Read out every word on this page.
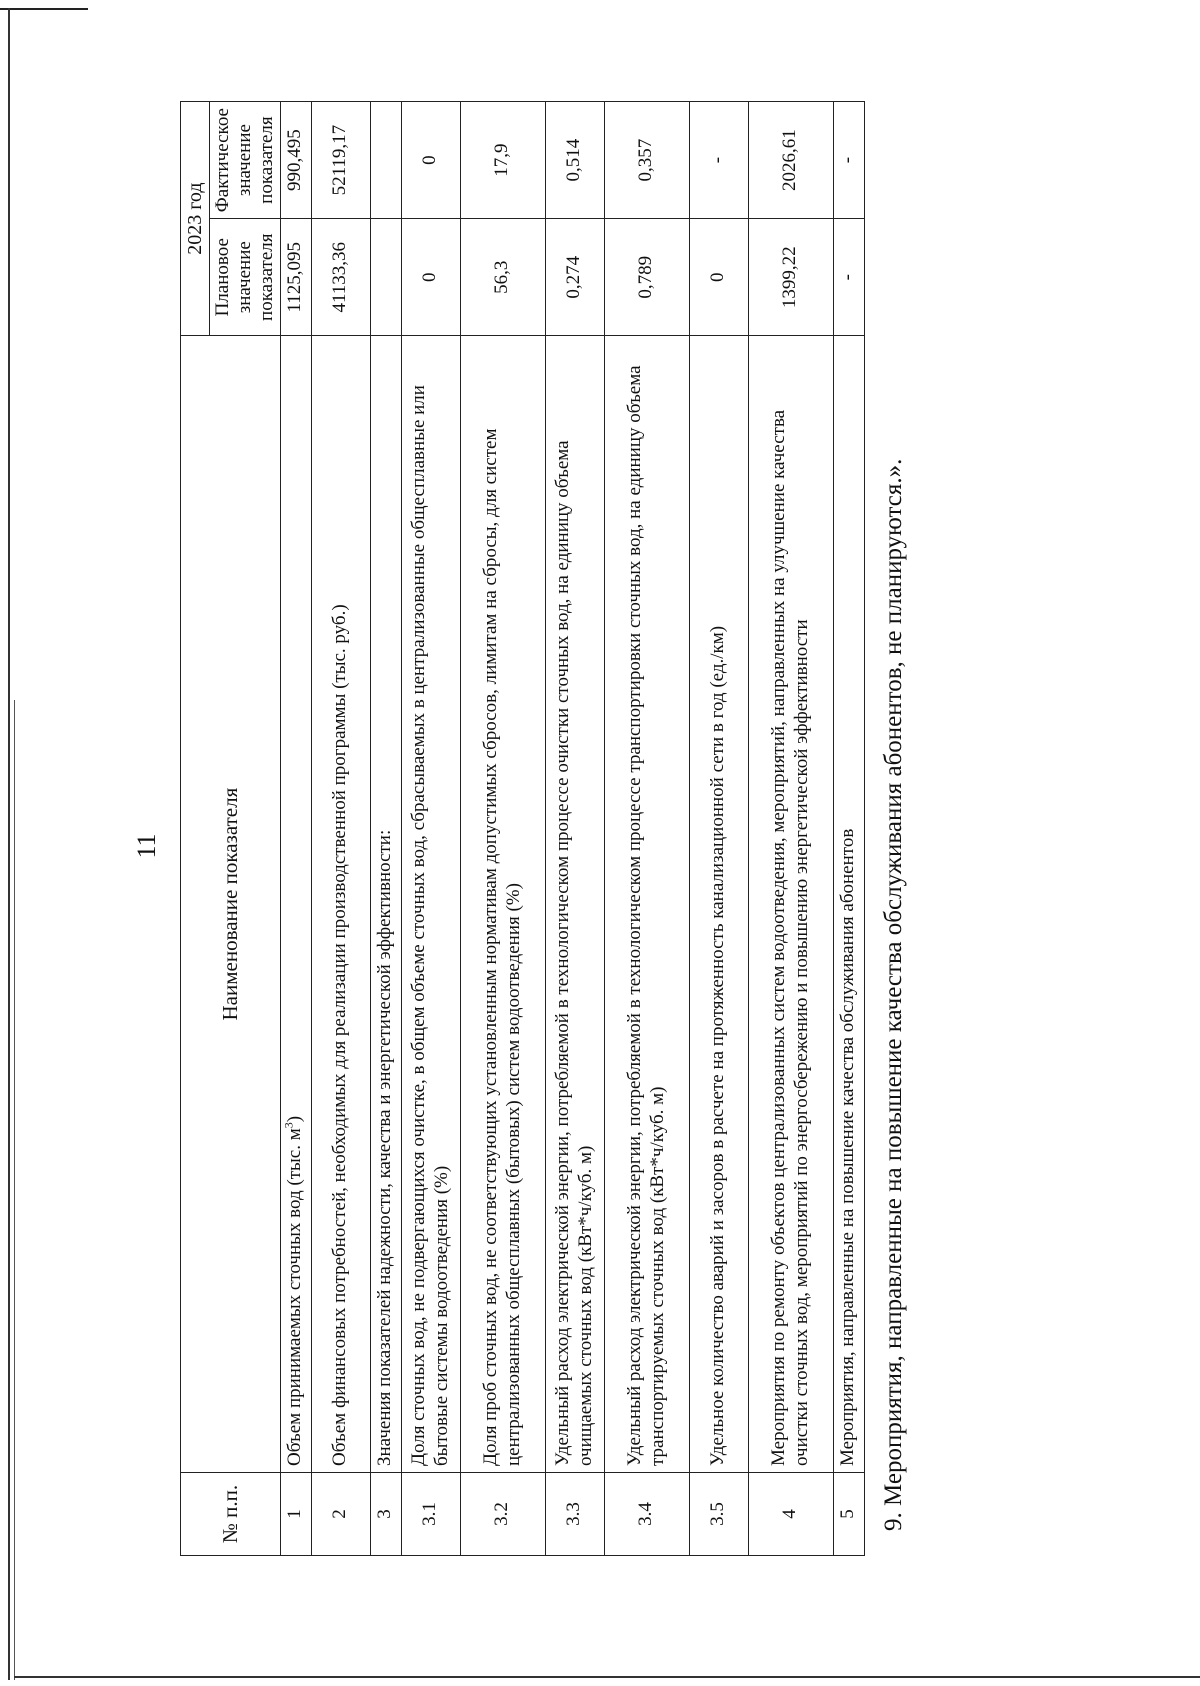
11
№ п.п.	Наименование показателя	2023 год	
		Плановое значение показателя	Фактическое значение показателя
1	Объем принимаемых сточных вод (тыс. $м^3$)	1125,095	990,495
2	Объем финансовых потребностей, необходимых для реализации производственной программы (тыс. руб.)	41133,36	52119,17
3	Значения показателей надежности, качества и энергетической эффективности:		
3.1	Доля сточных вод, не подвергающихся очистке, в общем объеме сточных вод, сбрасываемых в централизованные общесплавные или бытовые системы водоотведения (%)	0	0
3.2	Доля проб сточных вод, не соответствующих установленным нормативам допустимых сбросов, лимитам на сбросы, для систем централизованных общесплавных (бытовых) систем водоотведения (%)	56,3	17,9
3.3	Удельный расход электрической энергии, потребляемой в технологическом процессе очистки сточных вод, на единицу объема очищаемых сточных вод (кВт*ч/куб. м)	0,274	0,514
3.4	Удельный расход электрической энергии, потребляемой в технологическом процессе транспортировки сточных вод, на единицу объема транспортируемых сточных вод (кВт*ч/куб. м)	0,789	0,357
3.5	Удельное количество аварий и засоров в расчете на протяженность канализационной сети в год (ед./км)	0	-
4	Мероприятия по ремонту объектов централизованных систем водоотведения, мероприятий, направленных на улучшение качества очистки сточных вод, мероприятий по энергосбережению и повышению энергетической эффективности	1399,22	2026,61
5	Мероприятия, направленные на повышение качества обслуживания абонентов	-	-
9. Мероприятия, направленные на повышение качества обслуживания абонентов, не планируются.».
